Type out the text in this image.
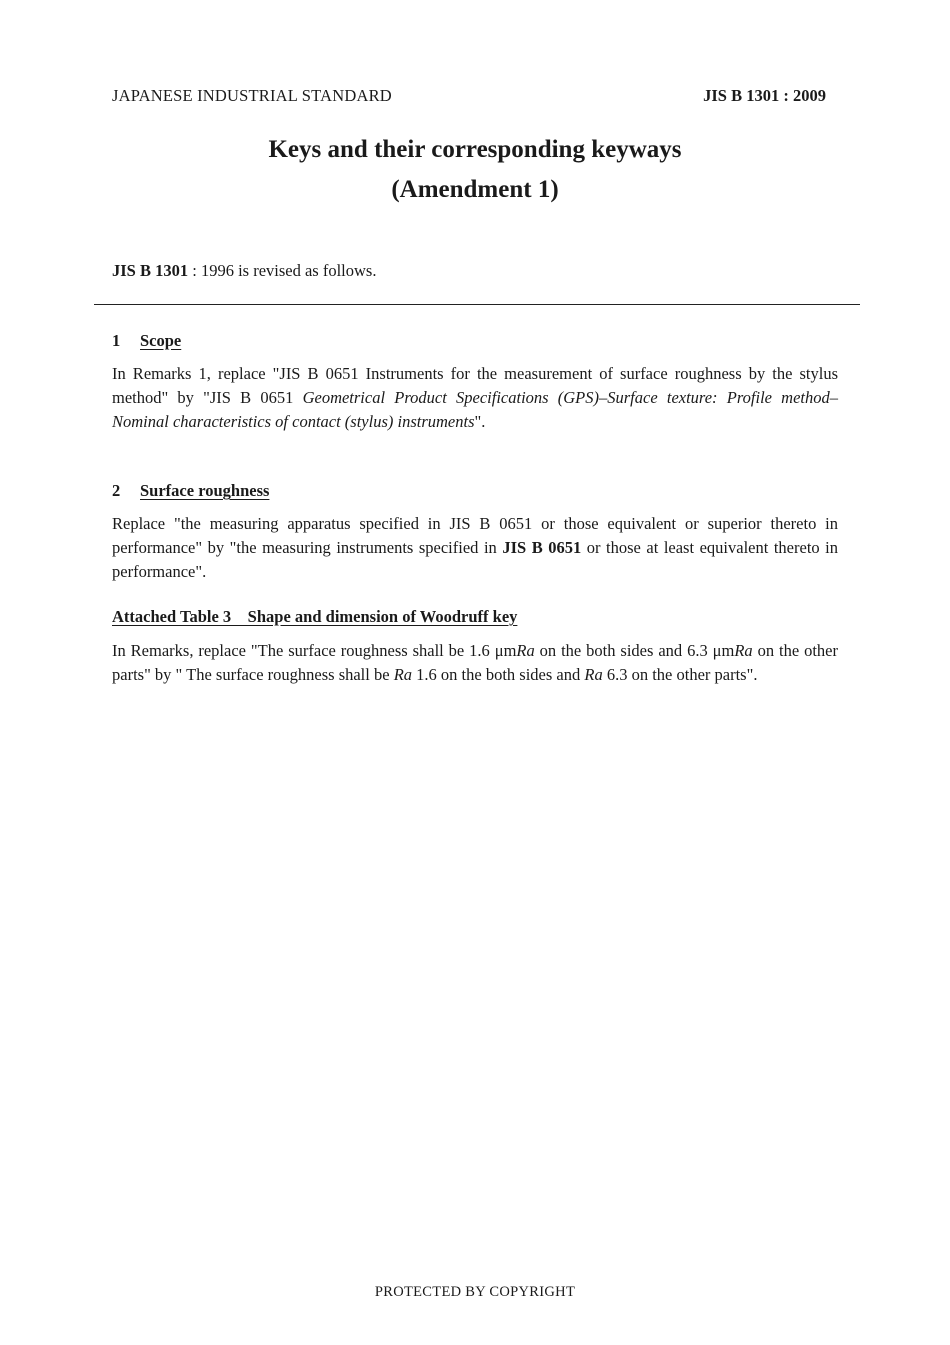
JAPANESE INDUSTRIAL STANDARD	JIS B 1301 : 2009
Keys and their corresponding keyways
(Amendment 1)
JIS B 1301 : 1996 is revised as follows.
1 Scope
In Remarks 1, replace "JIS B 0651 Instruments for the measurement of surface roughness by the stylus method" by "JIS B 0651 Geometrical Product Specifications (GPS)–Surface texture: Profile method–Nominal characteristics of contact (stylus) instruments".
2 Surface roughness
Replace "the measuring apparatus specified in JIS B 0651 or those equivalent or superior thereto in performance" by "the measuring instruments specified in JIS B 0651 or those at least equivalent thereto in performance".
Attached Table 3 Shape and dimension of Woodruff key
In Remarks, replace "The surface roughness shall be 1.6 μmRa on the both sides and 6.3 μmRa on the other parts" by " The surface roughness shall be Ra 1.6 on the both sides and Ra 6.3 on the other parts".
PROTECTED BY COPYRIGHT
